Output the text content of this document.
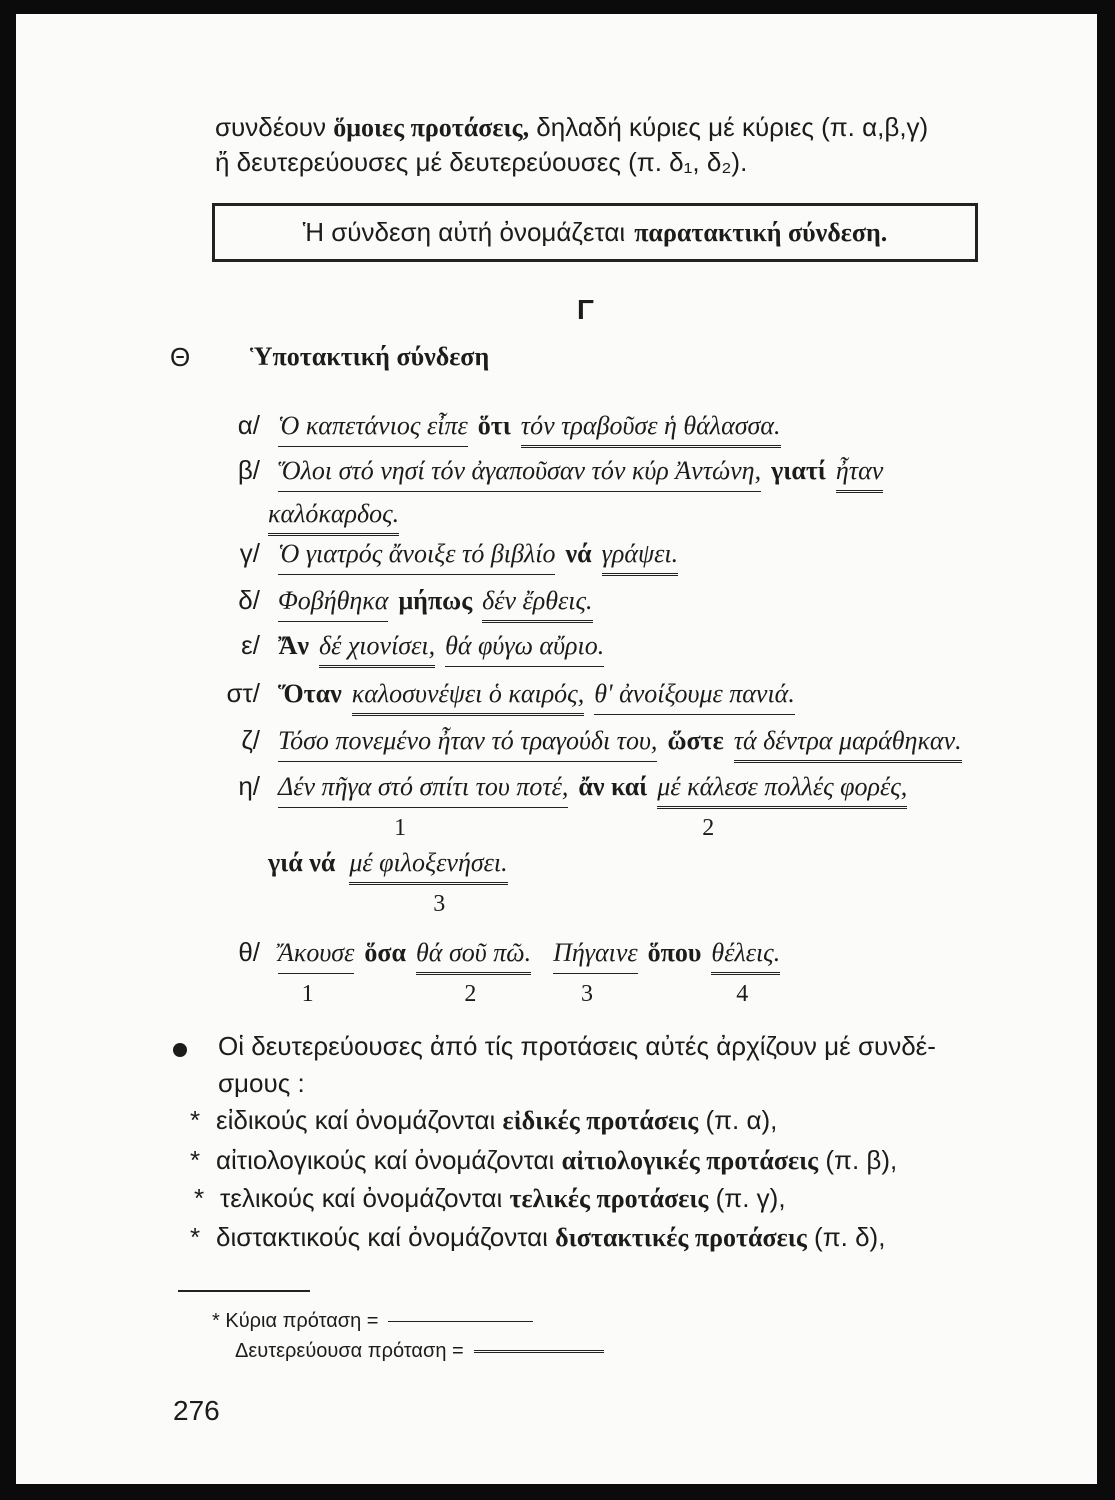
συνδέουν ὅμοιες προτάσεις, δηλαδή κύριες μέ κύριες (π. α,β,γ)
ἤ δευτερεύουσες μέ δευτερεύουσες (π. δ₁, δ₂).
Ἡ σύνδεση αὐτή ὀνομάζεται παρατακτική σύνδεση.
Γ
Θ Ὑποτακτική σύνδεση
α/ Ὁ καπετάνιος εἶπε ὅτι τόν τραβοῦσε ἡ θάλασσα.
β/ Ὅλοι στό νησί τόν ἀγαποῦσαν τόν κύρ Ἀντώνη, γιατί ἦταν
καλόκαρδος.
γ/ Ὁ γιατρός ἄνοιξε τό βιβλίο νά γράψει.
δ/ Φοβήθηκα μήπως δέν ἔρθεις.
ε/ Ἄν δέ χιονίσει, θά φύγω αὔριο.
στ/ Ὅταν καλοσυνέψει ὁ καιρός, θ' ἀνοίξουμε πανιά.
ζ/ Τόσο πονεμένο ἦταν τό τραγούδι του, ὥστε τά δέντρα μαράθηκαν.
η/ Δέν πῆγα στό σπίτι του ποτέ,
1
ἄν καί μέ κάλεσε πολλές φορές,
2
γιά νά μέ φιλοξενήσει.
3
θ/ Ἄκουσε
1
ὅσα θά σοῦ πῶ.
2
Πήγαινε
3
ὅπου θέλεις.
4
Οἱ δευτερεύουσες ἀπό τίς προτάσεις αὐτές ἀρχίζουν μέ συνδέ-
σμους :
* εἰδικούς καί ὀνομάζονται εἰδικές προτάσεις (π. α),
* αἰτιολογικούς καί ὀνομάζονται αἰτιολογικές προτάσεις (π. β),
* τελικούς καί ὀνομάζονται τελικές προτάσεις (π. γ),
* διστακτικούς καί ὀνομάζονται διστακτικές προτάσεις (π. δ),
* Κύρια πρόταση =
Δευτερεύουσα πρόταση =
276
